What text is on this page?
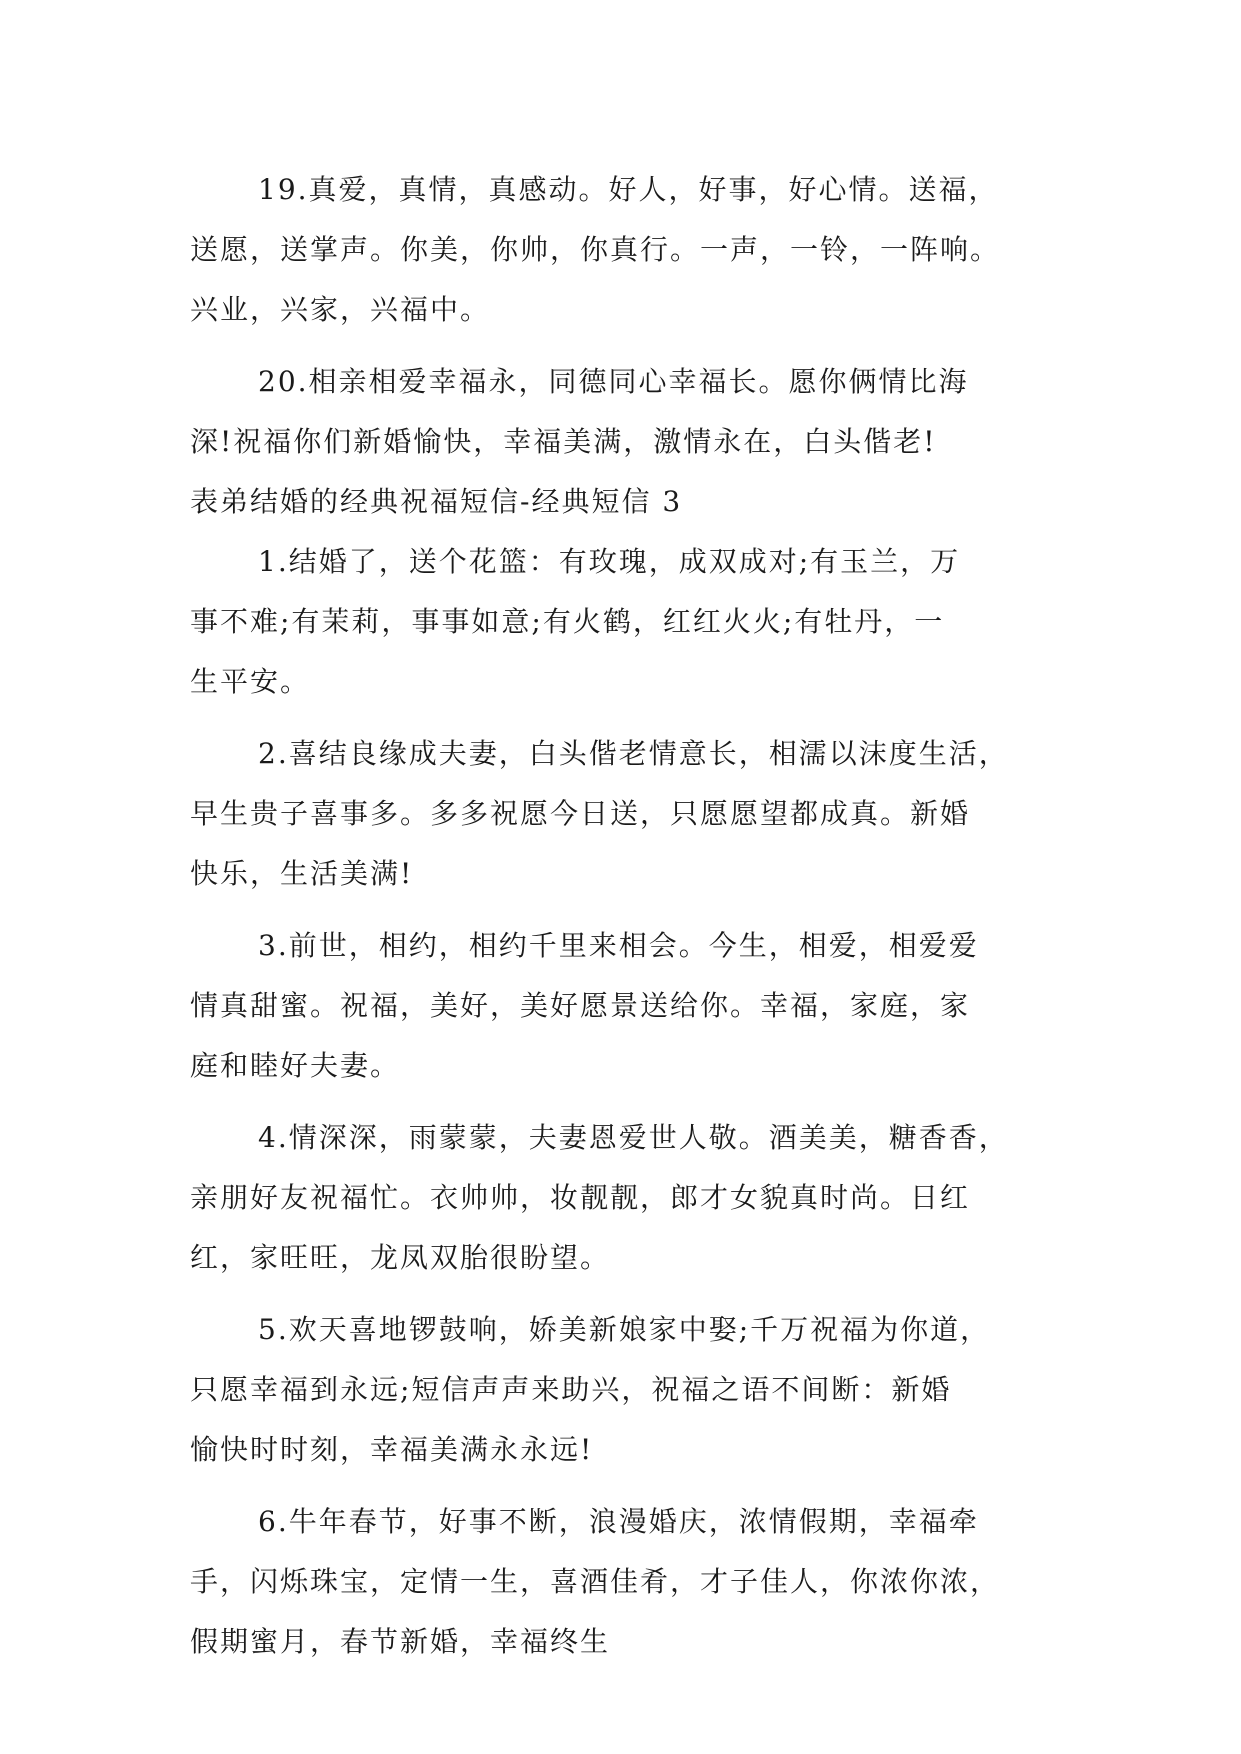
19.真爱，真情，真感动。好人，好事，好心情。送福，
送愿，送掌声。你美，你帅，你真行。一声，一铃，一阵响。
兴业，兴家，兴福中。
20.相亲相爱幸福永，同德同心幸福长。愿你俩情比海
深!祝福你们新婚愉快，幸福美满，激情永在，白头偕老!
表弟结婚的经典祝福短信-经典短信 3
1.结婚了，送个花篮：有玫瑰，成双成对;有玉兰，万
事不难;有茉莉，事事如意;有火鹤，红红火火;有牡丹，一
生平安。
2.喜结良缘成夫妻，白头偕老情意长，相濡以沫度生活，
早生贵子喜事多。多多祝愿今日送，只愿愿望都成真。新婚
快乐，生活美满!
3.前世，相约，相约千里来相会。今生，相爱，相爱爱
情真甜蜜。祝福，美好，美好愿景送给你。幸福，家庭，家
庭和睦好夫妻。
4.情深深，雨蒙蒙，夫妻恩爱世人敬。酒美美，糖香香，
亲朋好友祝福忙。衣帅帅，妆靓靓，郎才女貌真时尚。日红
红，家旺旺，龙凤双胎很盼望。
5.欢天喜地锣鼓响，娇美新娘家中娶;千万祝福为你道，
只愿幸福到永远;短信声声来助兴，祝福之语不间断：新婚
愉快时时刻，幸福美满永永远!
6.牛年春节，好事不断，浪漫婚庆，浓情假期，幸福牵
手，闪烁珠宝，定情一生，喜酒佳肴，才子佳人，你浓你浓，
假期蜜月，春节新婚，幸福终生
